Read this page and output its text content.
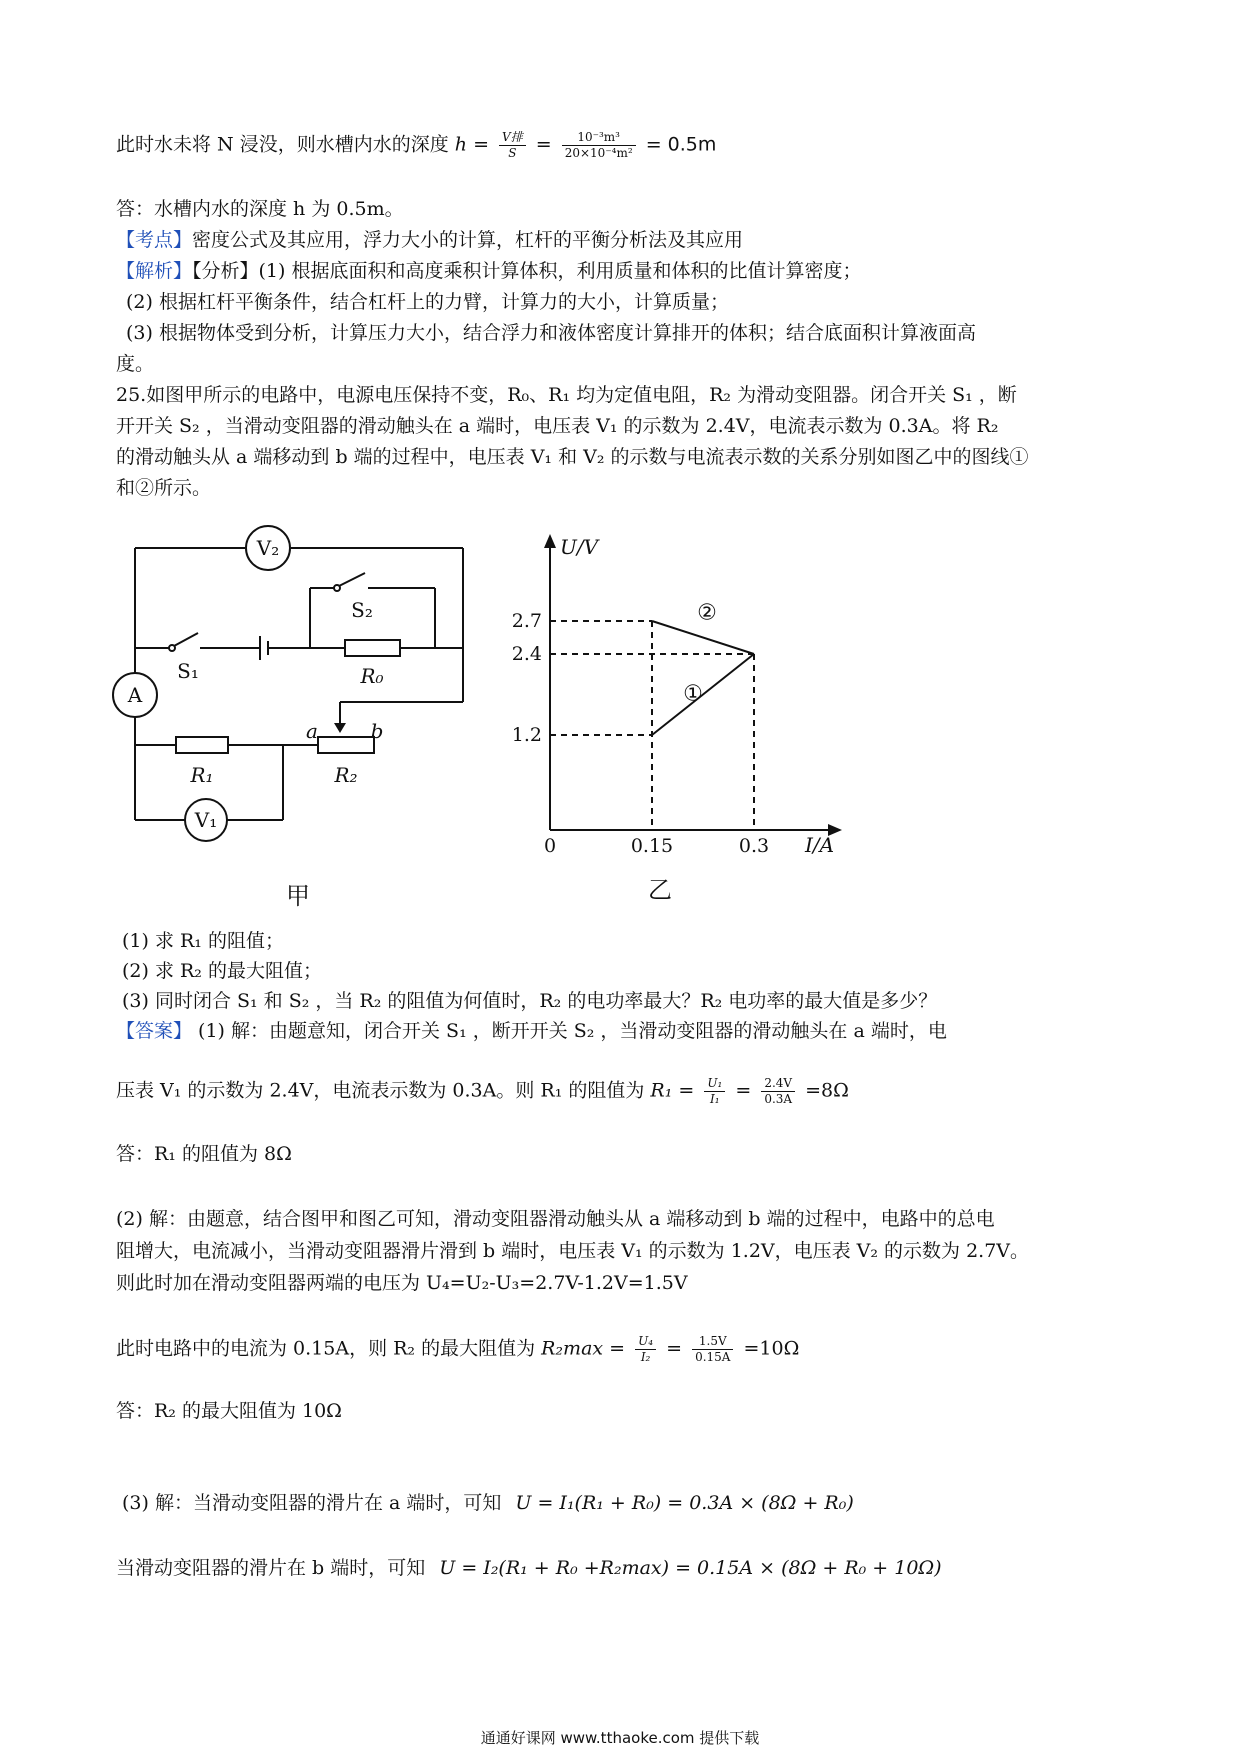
此时水未将 N 浸没，则水槽内水的深度 $h = \frac{\text{V排}}{S} = \frac{\text{10⁻³m³}}{\text{20×10⁻⁴m²}} = 0.5m$
答：水槽内水的深度 h 为 0.5m。
【考点】密度公式及其应用，浮力大小的计算，杠杆的平衡分析法及其应用
【解析】【分析】(1) 根据底面积和高度乘积计算体积，利用质量和体积的比值计算密度；
(2) 根据杠杆平衡条件，结合杠杆上的力臂，计算力的大小，计算质量；
(3) 根据物体受到分析，计算压力大小，结合浮力和液体密度计算排开的体积；结合底面积计算液面高
度。
25.如图甲所示的电路中，电源电压保持不变，R₀、R₁ 均为定值电阻，R₂ 为滑动变阻器。闭合开关 S₁ ，断
开开关 S₂ ，当滑动变阻器的滑动触头在 a 端时，电压表 V₁ 的示数为 2.4V，电流表示数为 0.3A。将 R₂
的滑动触头从 a 端移动到 b 端的过程中，电压表 V₁ 和 V₂ 的示数与电流表示数的关系分别如图乙中的图线①
和②所示。
V₂
A
V₁
S₁
S₂
R₀
R₁	R₂
a	b
甲
U/V
I/A
乙
0	0.15	0.3
1.2
2.4
2.7
①
②
(1) 求 R₁ 的阻值；
(2) 求 R₂ 的最大阻值；
(3) 同时闭合 S₁ 和 S₂ ，当 R₂ 的阻值为何值时，R₂ 的电功率最大？R₂ 电功率的最大值是多少？
【答案】 (1) 解：由题意知，闭合开关 S₁ ，断开开关 S₂ ，当滑动变阻器的滑动触头在 a 端时，电
压表 V₁ 的示数为 2.4V，电流表示数为 0.3A。则 R₁ 的阻值为 $R_1 = \frac{\text{U₁}}{\text{I₁}} = \frac{2.4V}{0.3A} =8\Omega$
答：R₁ 的阻值为 8Ω
(2) 解：由题意，结合图甲和图乙可知，滑动变阻器滑动触头从 a 端移动到 b 端的过程中，电路中的总电
阻增大，电流减小，当滑动变阻器滑片滑到 b 端时，电压表 V₁ 的示数为 1.2V，电压表 V₂ 的示数为 2.7V。
则此时加在滑动变阻器两端的电压为 U₄=U₂-U₃=2.7V-1.2V=1.5V
此时电路中的电流为 0.15A，则 R₂ 的最大阻值为 $R_2\max = \frac{\text{U₄}}{\text{I₂}} = \frac{1.5V}{0.15A} =10\Omega$
答：R₂ 的最大阻值为 10Ω
(3) 解：当滑动变阻器的滑片在 a 端时，可知 U = I₁(R₁ + R₀) = 0.3A × (8Ω + R₀)
当滑动变阻器的滑片在 b 端时，可知 U = I₂(R₁ + R₀ +R₂max) = 0.15A × (8Ω + R₀ + 10Ω)
通通好课网 www.tthaoke.com 提供下载
